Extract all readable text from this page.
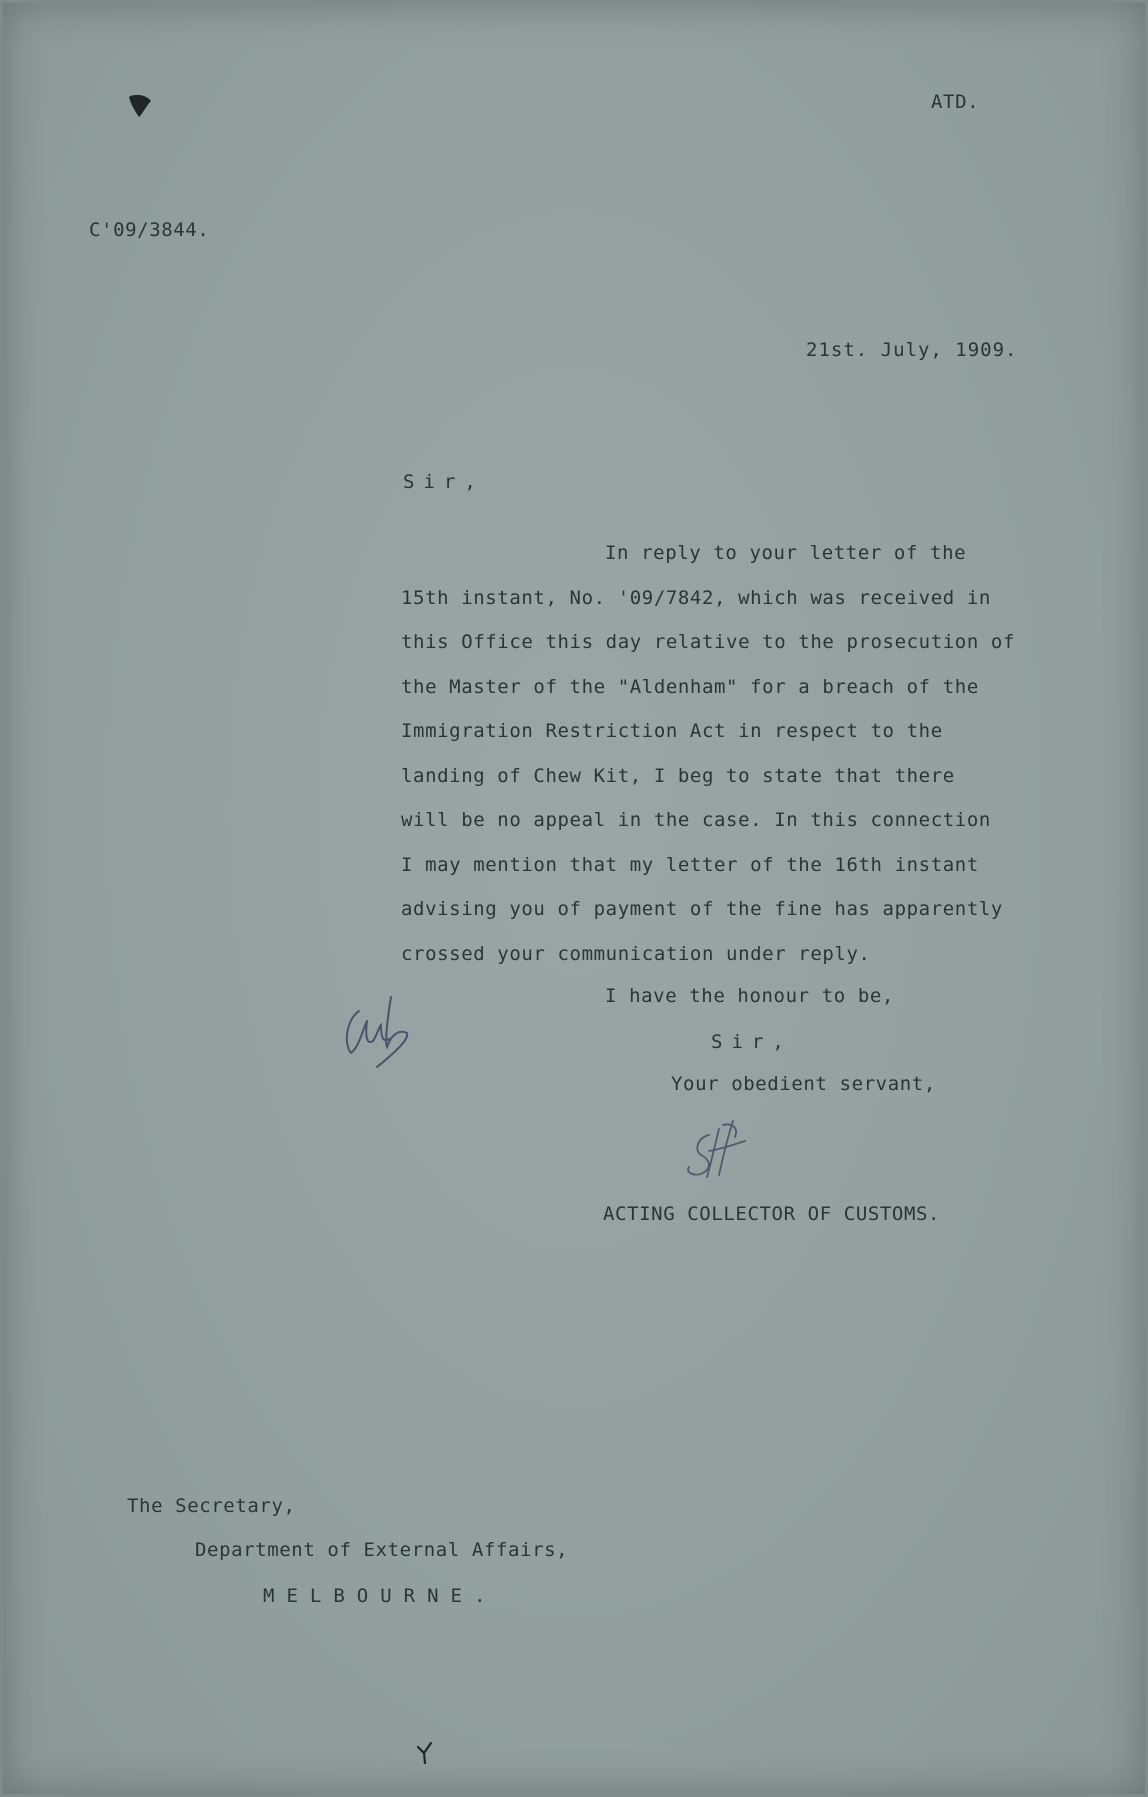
ATD.
C'09/3844.
21st. July, 1909.
Sir,
In reply to your letter of the
15th instant, No. '09/7842, which was received in
this Office this day relative to the prosecution of
the Master of the "Aldenham" for a breach of the
Immigration Restriction Act in respect to the
landing of Chew Kit, I beg to state that there
will be no appeal in the case. In this connection
I may mention that my letter of the 16th instant
advising you of payment of the fine has apparently
crossed your communication under reply.
I have the honour to be,
Sir,
Your obedient servant,
ACTING COLLECTOR OF CUSTOMS.
The Secretary,
Department of External Affairs,
MELBOURNE.
